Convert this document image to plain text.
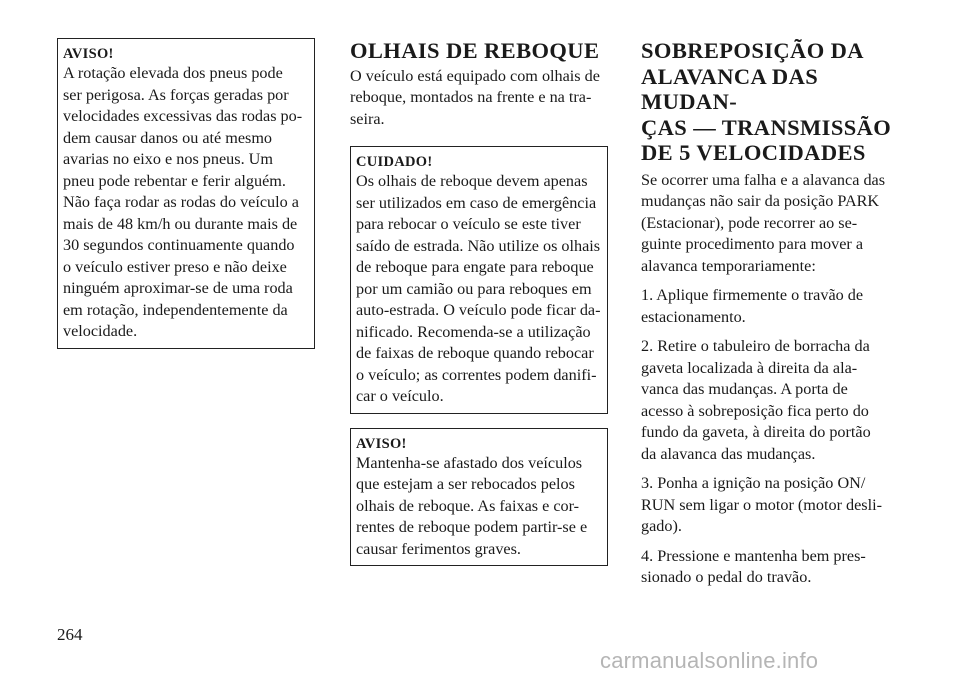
AVISO!
A rotação elevada dos pneus pode
ser perigosa. As forças geradas por
velocidades excessivas das rodas po-
dem causar danos ou até mesmo
avarias no eixo e nos pneus. Um
pneu pode rebentar e ferir alguém.
Não faça rodar as rodas do veículo a
mais de 48 km/h ou durante mais de
30 segundos continuamente quando
o veículo estiver preso e não deixe
ninguém aproximar-se de uma roda
em rotação, independentemente da
velocidade.
OLHAIS DE REBOQUE

O veículo está equipado com olhais de
reboque, montados na frente e na tra-
seira.

CUIDADO!
Os olhais de reboque devem apenas
ser utilizados em caso de emergência
para rebocar o veículo se este tiver
saído de estrada. Não utilize os olhais
de reboque para engate para reboque
por um camião ou para reboques em
auto-estrada. O veículo pode ficar da-
nificado. Recomenda-se a utilização
de faixas de reboque quando rebocar
o veículo; as correntes podem danifi-
car o veículo.
AVISO!
Mantenha-se afastado dos veículos
que estejam a ser rebocados pelos
olhais de reboque. As faixas e cor-
rentes de reboque podem partir-se e
causar ferimentos graves.
SOBREPOSIÇÃO DA
ALAVANCA DAS MUDAN-
ÇAS — TRANSMISSÃO
DE 5 VELOCIDADES

Se ocorrer uma falha e a alavanca das
mudanças não sair da posição PARK
(Estacionar), pode recorrer ao se-
guinte procedimento para mover a
alavanca temporariamente:

1. Aplique firmemente o travão de
estacionamento.

2. Retire o tabuleiro de borracha da
gaveta localizada à direita da ala-
vanca das mudanças. A porta de
acesso à sobreposição fica perto do
fundo da gaveta, à direita do portão
da alavanca das mudanças.

3. Ponha a ignição na posição ON/
RUN sem ligar o motor (motor desli-
gado).

4. Pressione e mantenha bem pres-
sionado o pedal do travão.

264
carmanualsonline.info
